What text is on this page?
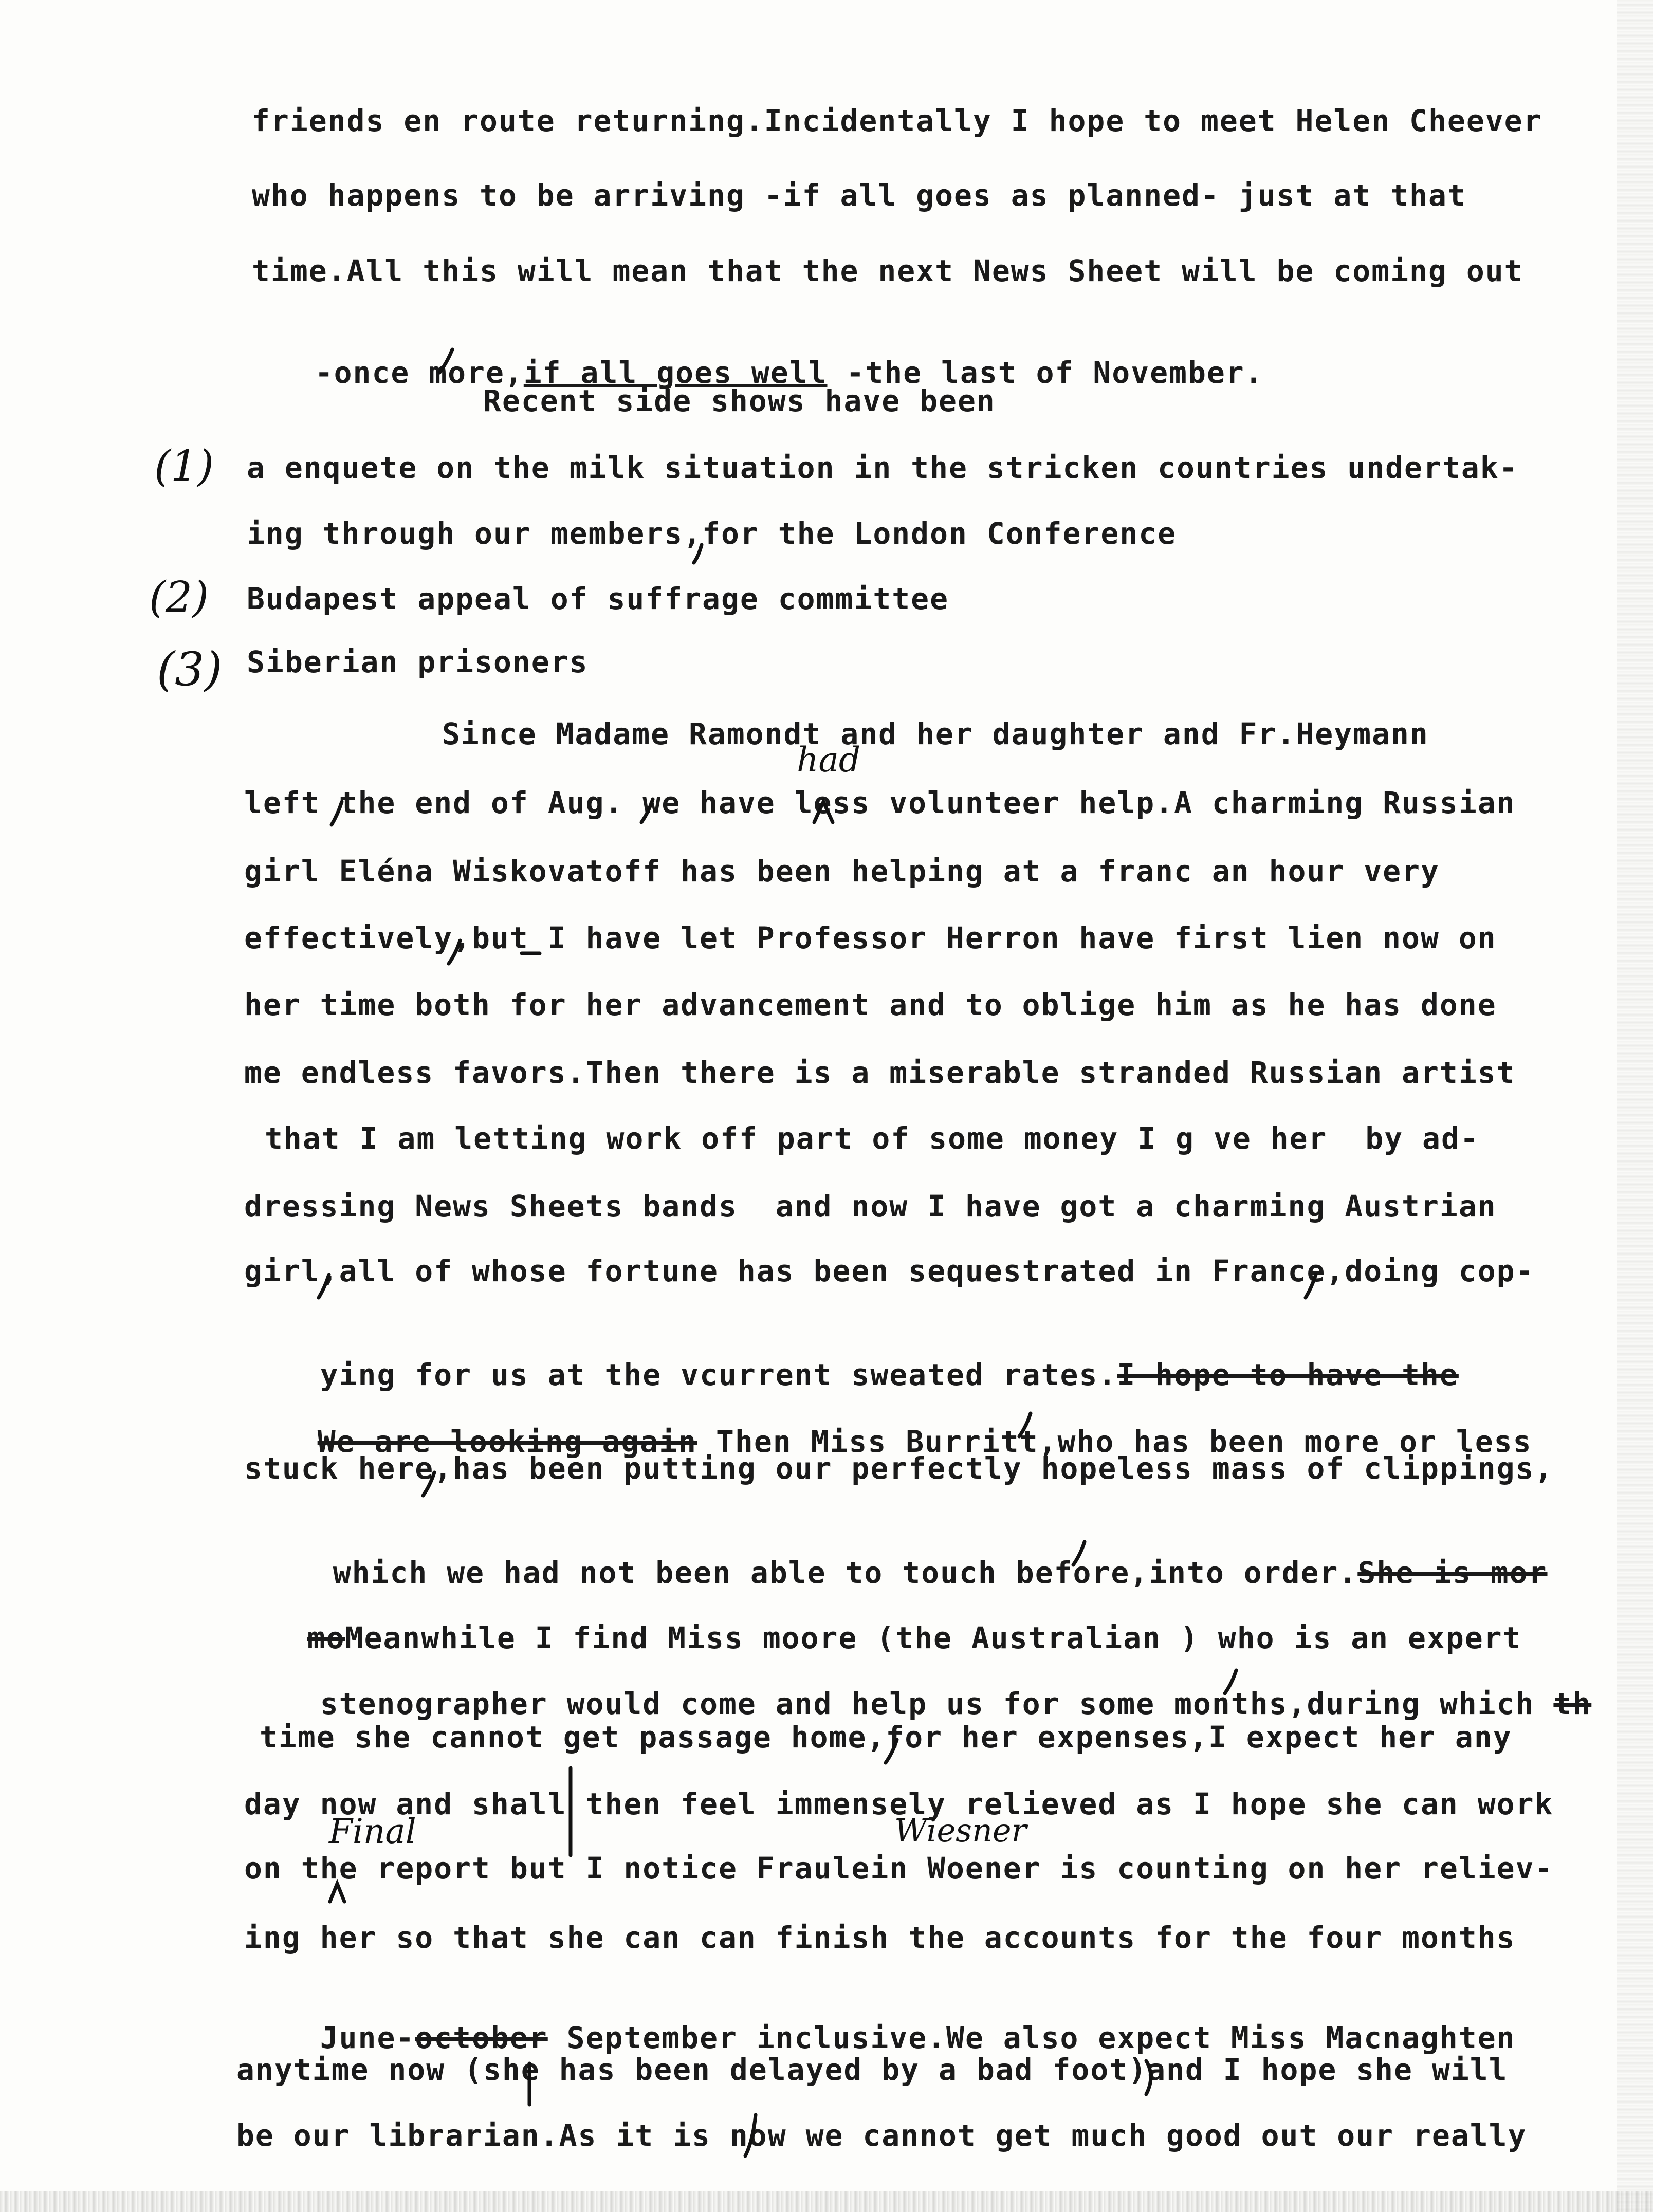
friends en route returning.Incidentally I hope to meet Helen Cheever
who happens to be arriving -if all goes as planned- just at that
time.All this will mean that the next News Sheet will be coming out

-once more,if all goes well -the last of November.

Recent side shows have been
a enquete on the milk situation in the stricken countries undertak-
ing through our members,for the London Conference
Budapest appeal of suffrage committee
Siberian prisoners
Since Madame Ramondt and her daughter and Fr.Heymann
left the end of Aug. we have less volunteer help.A charming Russian
girl Eléna Wiskovatoff has been helping at a franc an hour very
effectively,but I have let Professor Herron have first lien now on
her time both for her advancement and to oblige him as he has done
me endless favors.Then there is a miserable stranded Russian artist
that I am letting work off part of some money I g ve her  by ad-
dressing News Sheets bands  and now I have got a charming Austrian
girl,all of whose fortune has been sequestrated in France,doing cop-

ying for us at the vcurrent sweated rates.I hope to have the

We are looking again Then Miss Burritt,who has been more or less

stuck here,has been putting our perfectly hopeless mass of clippings,

which we had not been able to touch before,into order.She is mor

moMeanwhile I find Miss moore (the Australian ) who is an expert

stenographer would come and help us for some months,during which th

time she cannot get passage home,for her expenses,I expect her any
day now and shall then feel immensely relieved as I hope she can work
on the report but I notice Fraulein Woener is counting on her reliev-
ing her so that she can can finish the accounts for the four months

June-october September inclusive.We also expect Miss Macnaghten

anytime now (she has been delayed by a bad foot)and I hope she will
be our librarian.As it is now we cannot get much good out our really
(1)
(2)
(3)
had
Final	Wiesner
